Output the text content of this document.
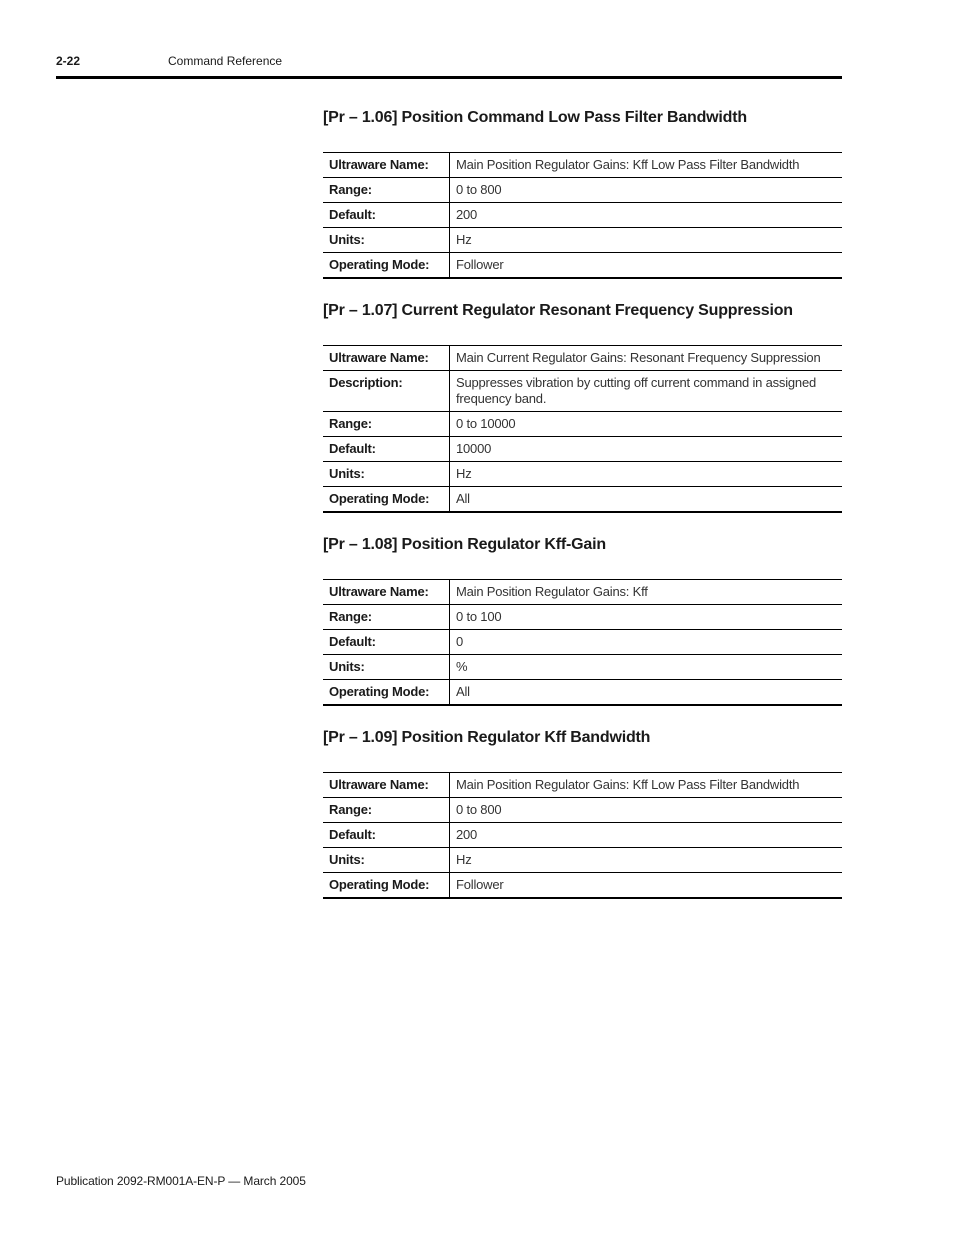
2-22	Command Reference
[Pr – 1.06] Position Command Low Pass Filter Bandwidth
Ultraware Name:	Main Position Regulator Gains: Kff Low Pass Filter Bandwidth
Range:	0 to 800
Default:	200
Units:	Hz
Operating Mode:	Follower
[Pr – 1.07] Current Regulator Resonant Frequency Suppression
Ultraware Name:	Main Current Regulator Gains: Resonant Frequency Suppression
Description:	Suppresses vibration by cutting off current command in assigned frequency band.
Range:	0 to 10000
Default:	10000
Units:	Hz
Operating Mode:	All
[Pr – 1.08] Position Regulator Kff-Gain
Ultraware Name:	Main Position Regulator Gains: Kff
Range:	0 to 100
Default:	0
Units:	%
Operating Mode:	All
[Pr – 1.09] Position Regulator Kff Bandwidth
Ultraware Name:	Main Position Regulator Gains: Kff Low Pass Filter Bandwidth
Range:	0 to 800
Default:	200
Units:	Hz
Operating Mode:	Follower
Publication 2092-RM001A-EN-P — March 2005
